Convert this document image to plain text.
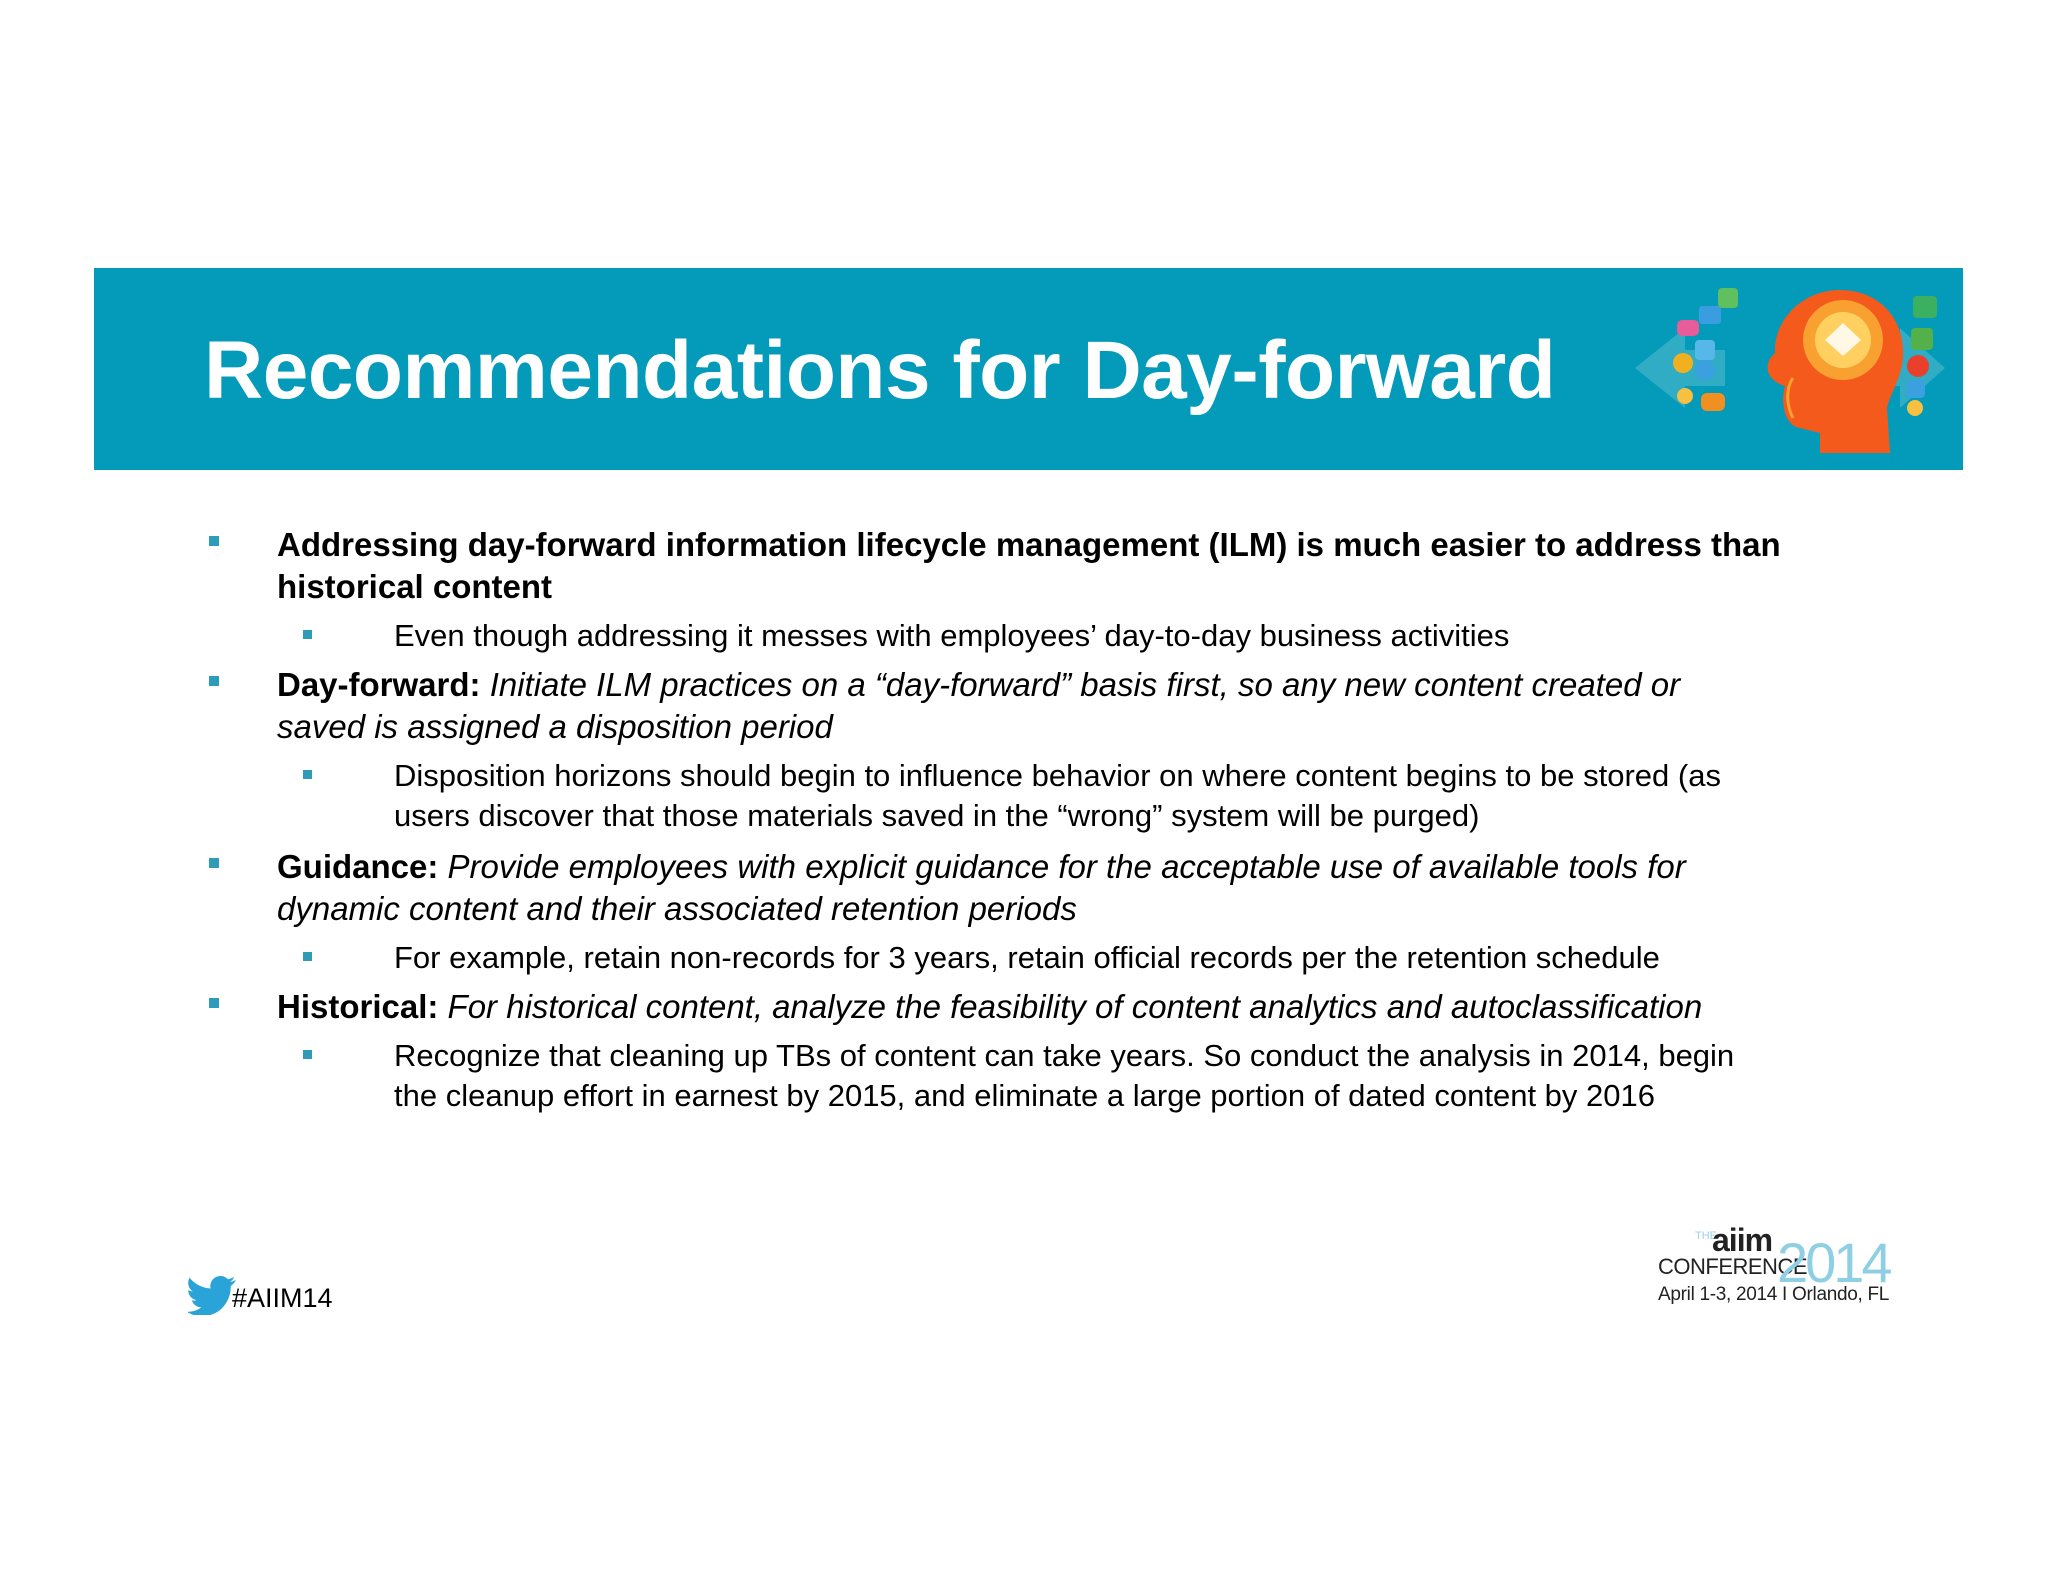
Recommendations for Day-forward
Addressing day-forward information lifecycle management (ILM) is much easier to address than
historical content
Even though addressing it messes with employees’ day-to-day business activities
Day-forward: Initiate ILM practices on a “day-forward” basis first, so any new content created or
saved is assigned a disposition period
Disposition horizons should begin to influence behavior on where content begins to be stored (as
users discover that those materials saved in the “wrong” system will be purged)
Guidance: Provide employees with explicit guidance for the acceptable use of available tools for
dynamic content and their associated retention periods
For example, retain non-records for 3 years, retain official records per the retention schedule
Historical: For historical content, analyze the feasibility of content analytics and autoclassification
Recognize that cleaning up TBs of content can take years. So conduct the analysis in 2014, begin
the cleanup effort in earnest by 2015, and eliminate a large portion of dated content by 2016
#AIIM14
THE
aiim
CONFERENCE
2014
April 1-3, 2014 I Orlando, FL
